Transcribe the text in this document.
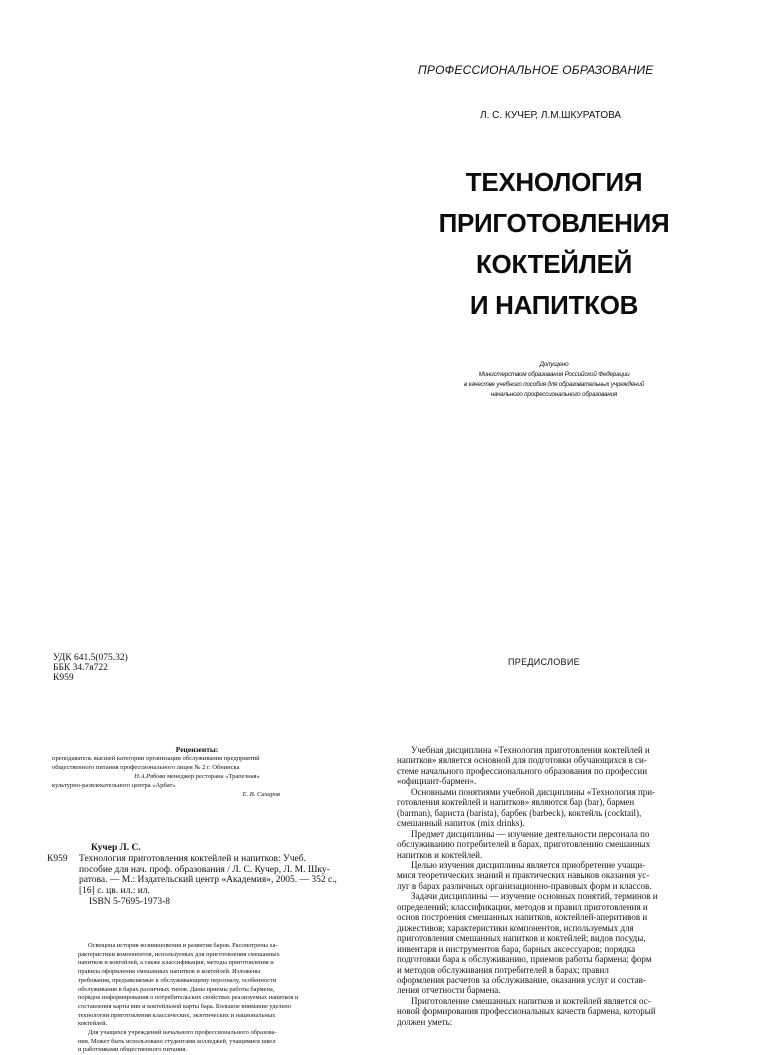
ПРОФЕССИОНАЛЬНОЕ ОБРАЗОВАНИЕ
Л. С. КУЧЕР, Л.М.ШКУРАТОВА
ТЕХНОЛОГИЯ
ПРИГОТОВЛЕНИЯ
КОКТЕЙЛЕЙ
И НАПИТКОВ
Допущено
Министерством образования Российской Федерации
в качестве учебного пособия для образовательных учреждений
начального профессионального образования
УДК 641.5(075.32)
ББК 34.7я722
К959
ПРЕДИСЛОВИЕ
Рецензенты:
преподаватель высшей категории организации обслуживания предприятий
общественного питания профессионального лицея № 2 г. Обнинска
Н.А.Рябова менеджер ресторана «Трапезная»
культурно-развлекательного центра «Арбат»
Е. В. Сахаров
Кучер Л. С.
К959	Технология приготовления коктейлей и напитков: Учеб.
пособие для нач. проф. образования / Л. С. Кучер, Л. М. Шку-
ратова. — М.: Издательский центр «Академия», 2005. — 352 с.,
[16] с. цв. ил.: ил.
ISBN 5-7695-1973-8
Освещена история возникновения и развития баров. Рассмотрены ха-
рактеристики компонентов, используемых для приготовления смешанных
напитков и коктейлей, а также классификация, методы приготовления и
правила оформления смешанных напитков и коктейлей. Изложены
требования, предъявляемые к обслуживающему персоналу, особенности
обслуживания в барах различных типов. Даны приемы работы бармена,
порядок информирования о потребительских свойствах реализуемых напитков и
составления карты вин и коктейльной карты бара. Большое внимание уделено
технологии приготовления классических, экзотических и национальных
коктейлей.
Для учащихся учреждений начального профессионального образова-
ния. Может быть использовано студентами колледжей, учащимися школ
и работниками общественного питания.
Учебная дисциплина «Технология приготовления коктейлей и
напитков» является основной для подготовки обучающихся в си-
стеме начального профессионального образования по профессии
«официант-бармен».
Основными понятиями учебной дисциплины «Технология при-
готовления коктейлей и напитков» являются бар (bar), бармен
(barman), бариста (barista), барбек (barbeck), коктейль (cocktail),
смешанный напиток (mix drinks).
Предмет дисциплины — изучение деятельности персонала по
обслуживанию потребителей в барах, приготовлению смешанных
напитков и коктейлей.
Целью изучения дисциплины является приобретение учащи-
мися теоретических знаний и практических навыков оказания ус-
луг в барах различных организационно-правовых форм и классов.
Задачи дисциплины — изучение основных понятий, терминов и
определений; классификации, методов и правил приготовления и
основ построения смешанных напитков, коктейлей-аперитивов и
дижестивов; характеристики компонентов, используемых для
приготовления смешанных напитков и коктейлей; видов посуды,
инвентаря и инструментов бара, барных аксессуаров; порядка
подготовки бара к обслуживанию, приемов работы бармена; форм
и методов обслуживания потребителей в барах; правил
оформления расчетов за обслуживание, оказания услуг и состав-
ления отчетности бармена.
Приготовление смешанных напитков и коктейлей является ос-
новой формирования профессиональных качеств бармена, который
должен уметь:
